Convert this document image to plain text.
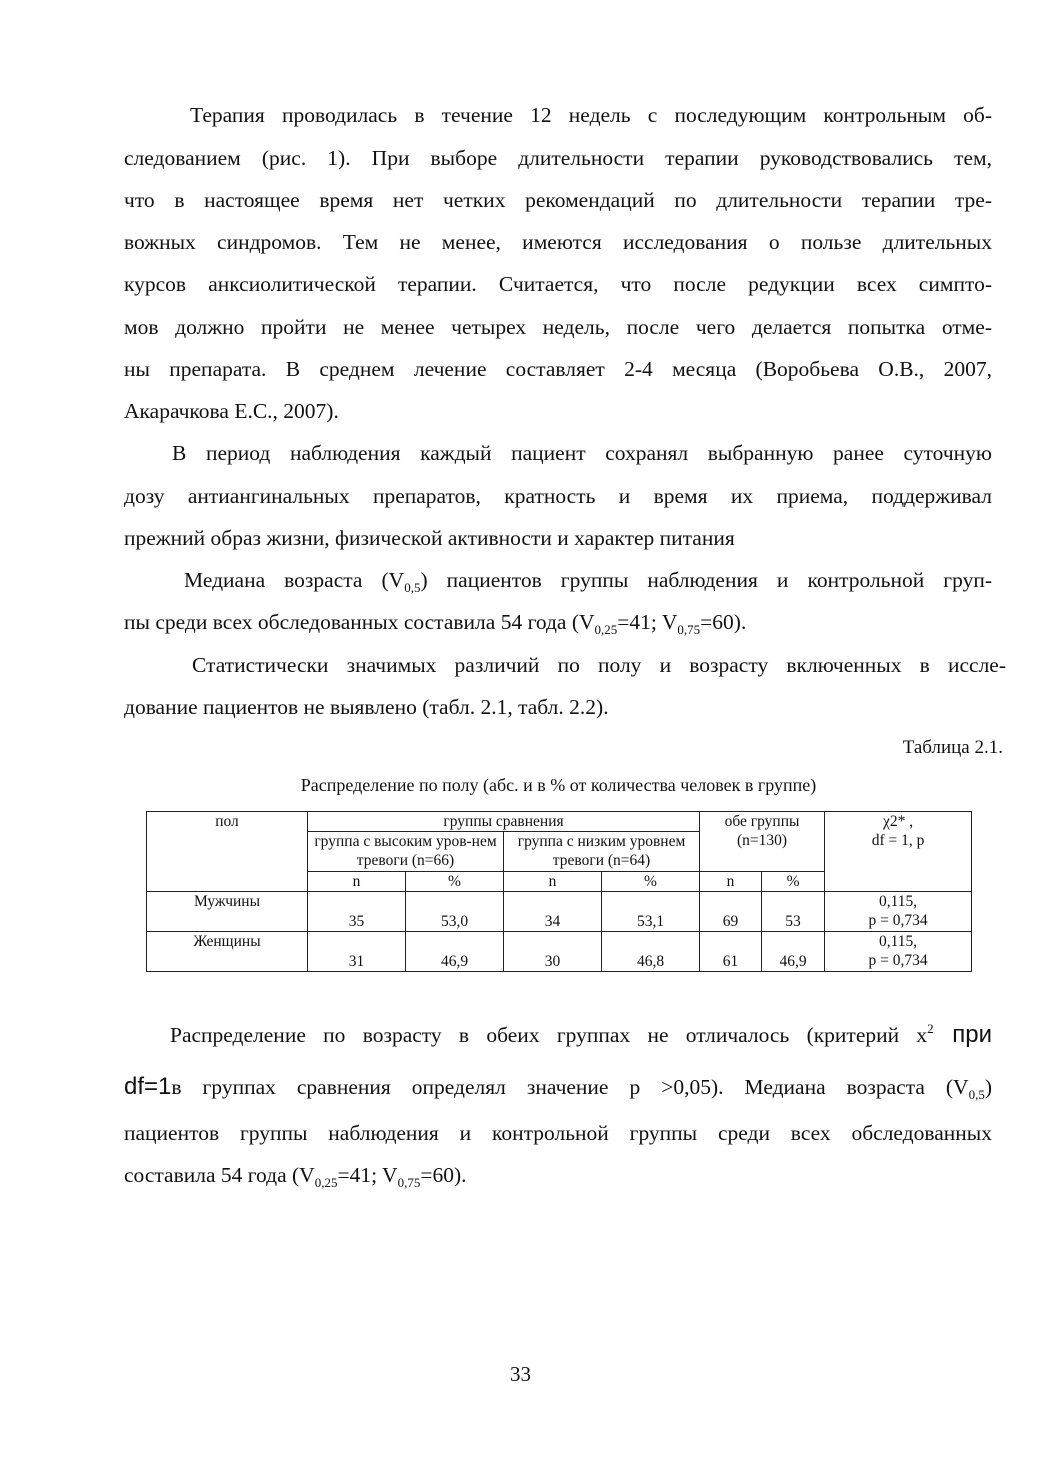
Терапия проводилась в течение 12 недель с последующим контрольным об-
следованием (рис. 1). При выборе длительности терапии руководствовались тем,
что в настоящее время нет четких рекомендаций по длительности терапии тре-
вожных синдромов. Тем не менее, имеются исследования о пользе длительных
курсов анксиолитической терапии. Считается, что после редукции всех симпто-
мов должно пройти не менее четырех недель, после чего делается попытка отме-
ны препарата. В среднем лечение составляет 2-4 месяца (Воробьева О.В., 2007,
Акарачкова Е.С., 2007).
В период наблюдения каждый пациент сохранял выбранную ранее суточную
дозу антиангинальных препаратов, кратность и время их приема, поддерживал
прежний образ жизни, физической активности и характер питания
Медиана возраста $(V_{0,5})$ пациентов группы наблюдения и контрольной груп-
пы среди всех обследованных составила 54 года ($V_{0,25}=41$; $V_{0,75}=60$).
Статистически значимых различий по полу и возрасту включенных в иссле-
дование пациентов не выявлено (табл. 2.1, табл. 2.2).
Таблица 2.1.
Распределение по полу (абс. и в % от количества человек в группе)
пол	группы сравнения				обе группы (n=130)		χ2* ,
df = 1, p

	группа с высоким уров-нем тревоги (n=66)		группа с низким уровнем тревоги (n=64)				
	n	%	n	%	n	%	
Мужчины	35	53,0	34	53,1	69	53	0,115,
p = 0,734

Женщины	31	46,9	30	46,8	61	46,9	0,115,
p = 0,734
Распределение по возрасту в обеих группах не отличалось (критерий $х^2$ при
df=1в группах сравнения определял значение p >0,05). Медиана возраста $(V_{0,5})$
пациентов группы наблюдения и контрольной группы среди всех обследованных
составила 54 года ($V_{0,25}=41$; $V_{0,75}=60$).
33
